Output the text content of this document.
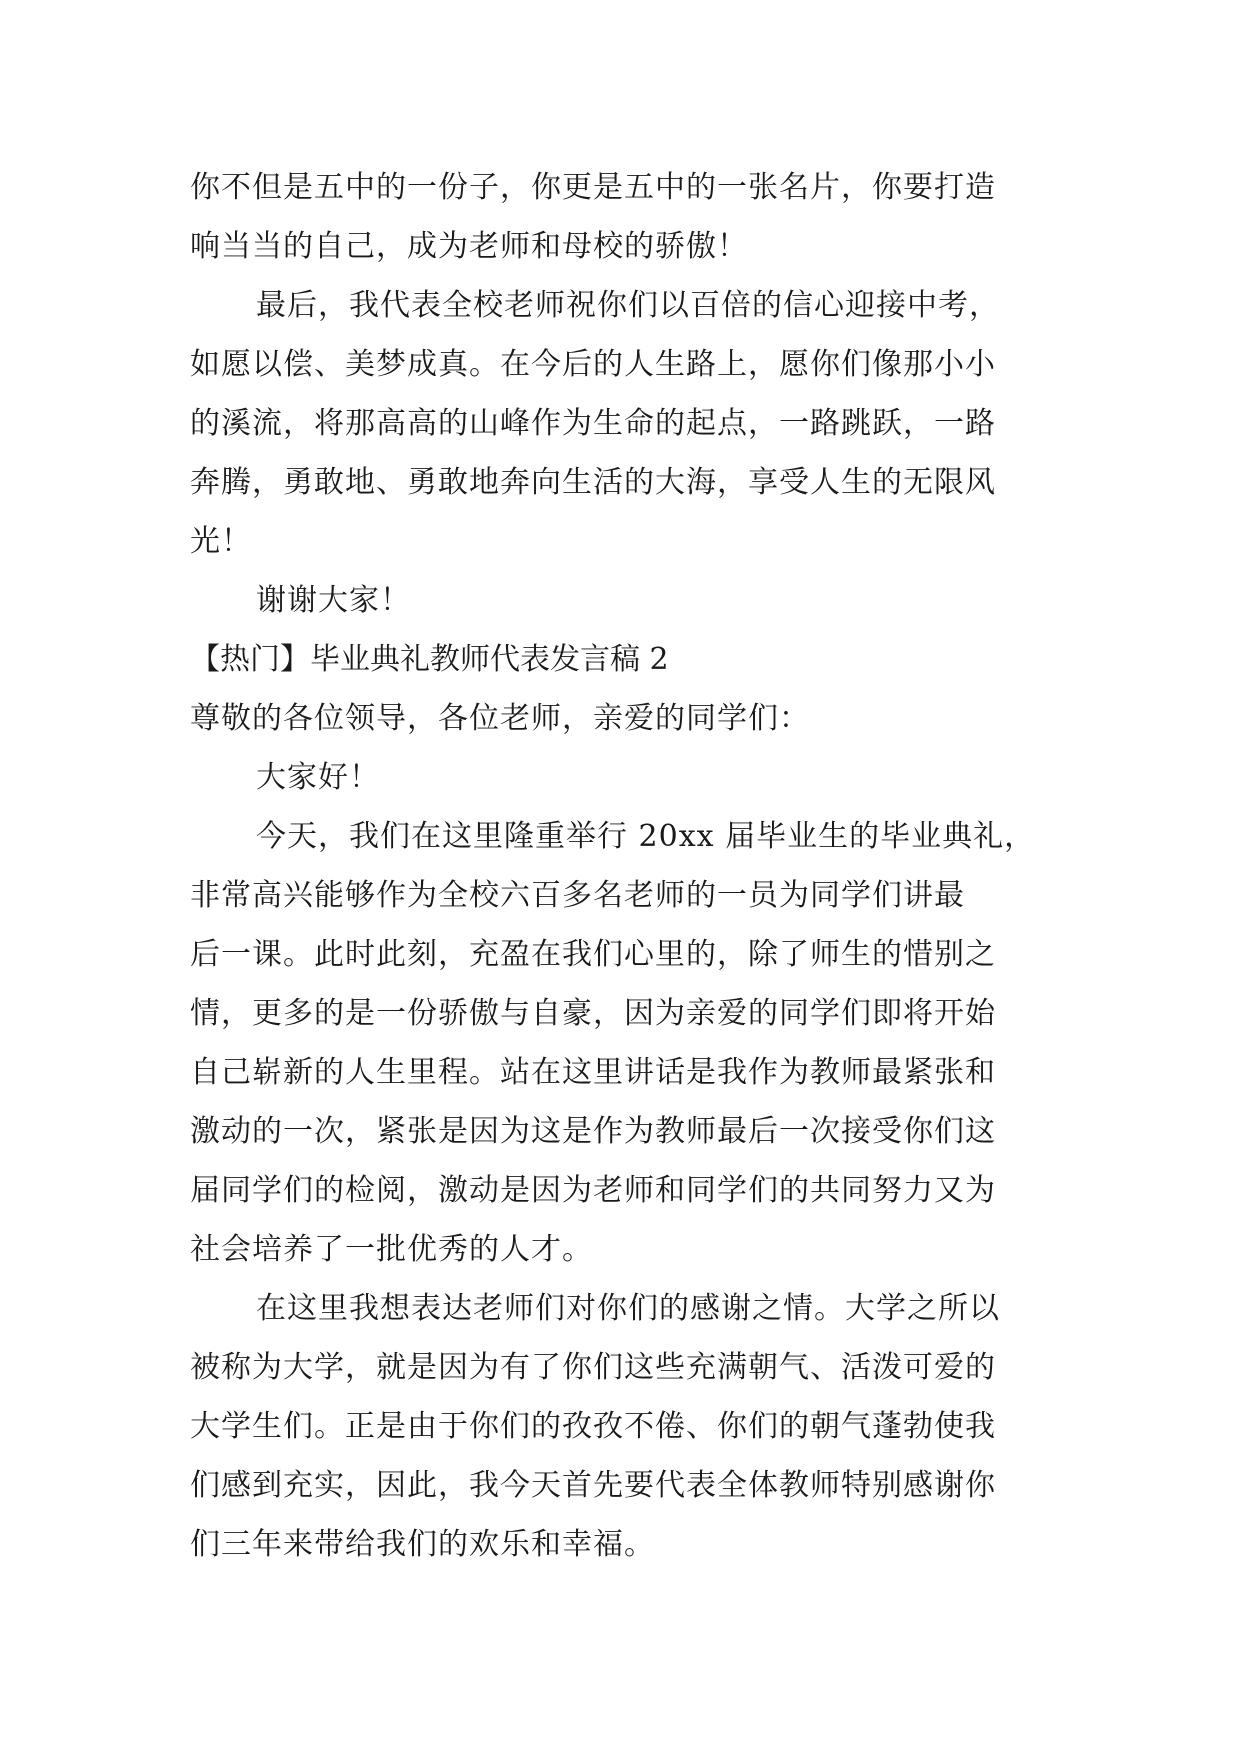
你不但是五中的一份子，你更是五中的一张名片，你要打造

响当当的自己，成为老师和母校的骄傲！

最后，我代表全校老师祝你们以百倍的信心迎接中考，

如愿以偿、美梦成真。在今后的人生路上，愿你们像那小小

的溪流，将那高高的山峰作为生命的起点，一路跳跃，一路

奔腾，勇敢地、勇敢地奔向生活的大海，享受人生的无限风

光！

谢谢大家！

【热门】毕业典礼教师代表发言稿 2

尊敬的各位领导，各位老师，亲爱的同学们：

大家好！

今天，我们在这里隆重举行 20xx 届毕业生的毕业典礼，

非常高兴能够作为全校六百多名老师的一员为同学们讲最

后一课。此时此刻，充盈在我们心里的，除了师生的惜别之

情，更多的是一份骄傲与自豪，因为亲爱的同学们即将开始

自己崭新的人生里程。站在这里讲话是我作为教师最紧张和

激动的一次，紧张是因为这是作为教师最后一次接受你们这

届同学们的检阅，激动是因为老师和同学们的共同努力又为

社会培养了一批优秀的人才。

在这里我想表达老师们对你们的感谢之情。大学之所以

被称为大学，就是因为有了你们这些充满朝气、活泼可爱的

大学生们。正是由于你们的孜孜不倦、你们的朝气蓬勃使我

们感到充实，因此，我今天首先要代表全体教师特别感谢你

们三年来带给我们的欢乐和幸福。
